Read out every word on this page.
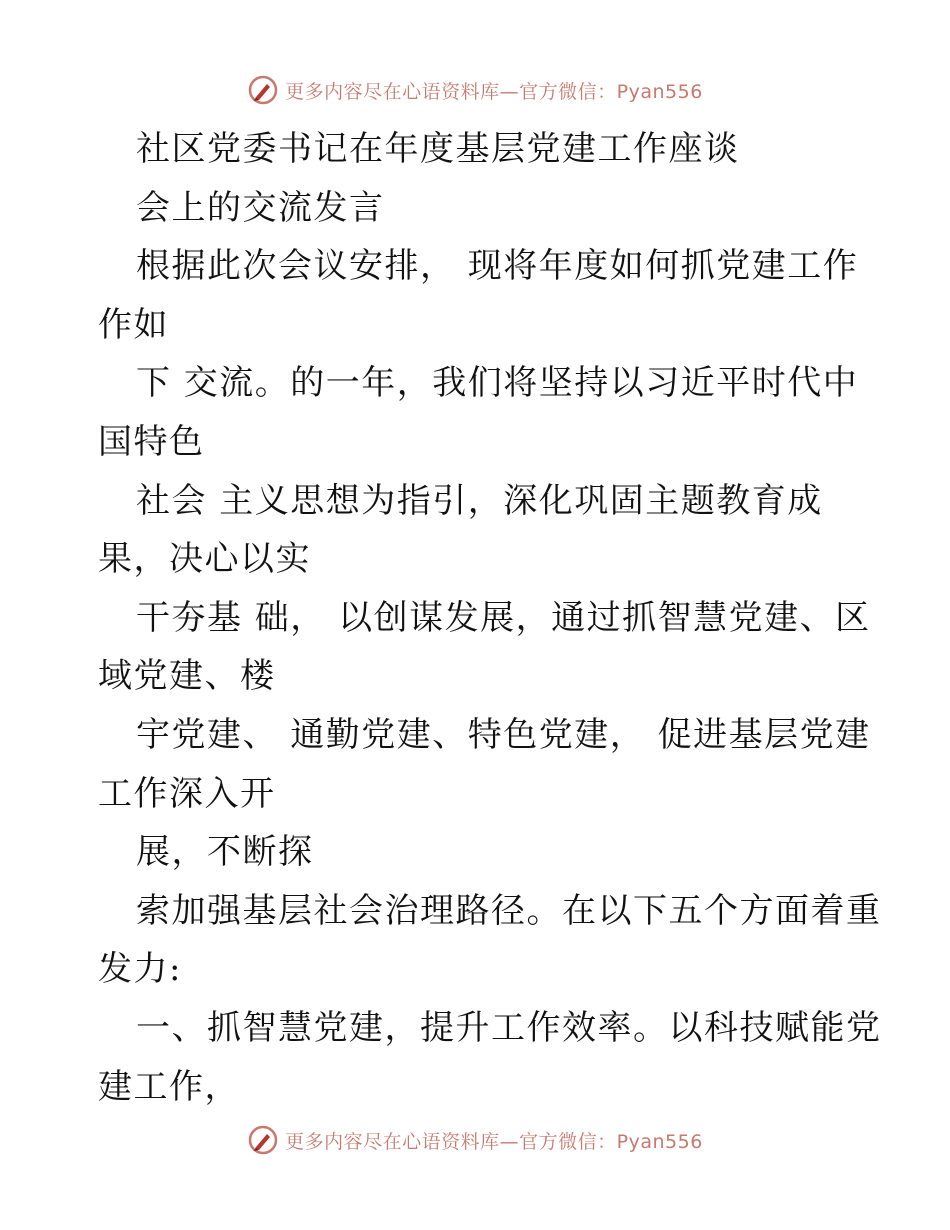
更多内容尽在心语资料库—官方微信：Pyan556
社区党委书记在年度基层党建工作座谈
会上的交流发言
根据此次会议安排， 现将年度如何抓党建工作
作如
下 交流。的一年，我们将坚持以习近平时代中
国特色
社会 主义思想为指引，深化巩固主题教育成
果，决心以实
干夯基 础， 以创谋发展，通过抓智慧党建、区
域党建、楼
宇党建、 通勤党建、特色党建， 促进基层党建
工作深入开
展，不断探
索加强基层社会治理路径。在以下五个方面着重
发力:
一、抓智慧党建，提升工作效率。以科技赋能党
建工作，
更多内容尽在心语资料库—官方微信：Pyan556
